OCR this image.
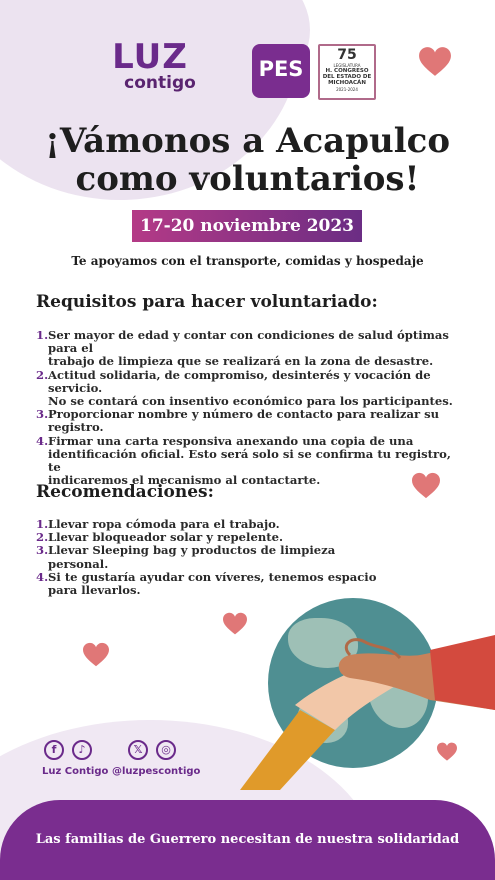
LUZ
contigo
PES
75
LEGISLATURA
H. CONGRESO
DEL ESTADO DE
MICHOACÁN
2021-2024
¡Vámonos a Acapulco
como voluntarios!
17-20 noviembre 2023
Te apoyamos con el transporte, comidas y hospedaje
Requisitos para hacer voluntariado:
1. Ser mayor de edad y contar con condiciones de salud óptimas para el
trabajo de limpieza que se realizará en la zona de desastre.
2. Actitud solidaria, de compromiso, desinterés y vocación de servicio.
No se contará con insentivo económico para los participantes.
3. Proporcionar nombre y número de contacto para realizar su
registro.
4. Firmar una carta responsiva anexando una copia de una
identificación oficial. Esto será solo si se confirma tu registro, te
indicaremos el mecanismo al contactarte.
Recomendaciones:
1. Llevar ropa cómoda para el trabajo.
2. Llevar bloqueador solar y repelente.
3. Llevar Sleeping bag y productos de limpieza
personal.
4. Si te gustaría ayudar con víveres, tenemos espacio
para llevarlos.
f	♪
Luz Contigo
𝕏	◎
@luzpescontigo
Las familias de Guerrero necesitan de nuestra solidaridad
